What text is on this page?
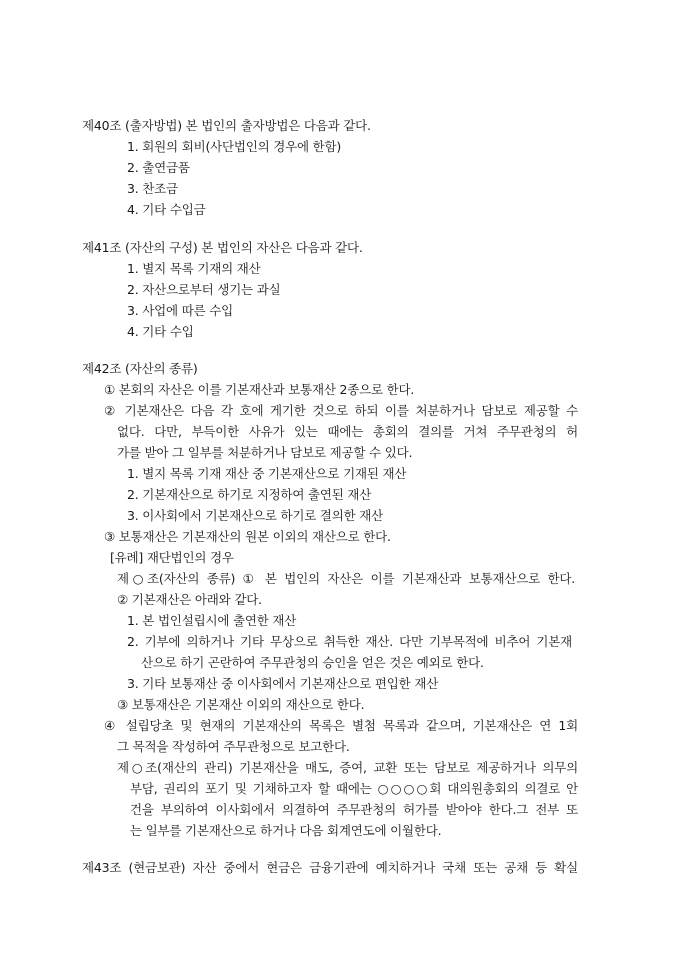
제40조 (출자방법) 본 법인의 출자방법은 다음과 같다.
1. 회원의 회비(사단법인의 경우에 한함)
2. 출연금품
3. 찬조금
4. 기타 수입금
제41조 (자산의 구성) 본 법인의 자산은 다음과 같다.
1. 별지 목록 기재의 재산
2. 자산으로부터 생기는 과실
3. 사업에 따른 수입
4. 기타 수입
제42조 (자산의 종류)
① 본회의 자산은 이를 기본재산과 보통재산 2종으로 한다.
② 기본재산은 다음 각 호에 게기한 것으로 하되 이를 처분하거나 담보로 제공할 수
없다. 다만, 부득이한 사유가 있는 때에는 총회의 결의를 거쳐 주무관청의 허
가를 받아 그 일부를 처분하거나 담보로 제공할 수 있다.
1. 별지 목록 기재 재산 중 기본재산으로 기재된 재산
2. 기본재산으로 하기로 지정하여 출연된 재산
3. 이사회에서 기본재산으로 하기로 결의한 재산
③ 보통재산은 기본재산의 원본 이외의 재산으로 한다.
[유례] 재단법인의 경우
제○조(자산의 종류) ① 본 법인의 자산은 이를 기본재산과 보통재산으로 한다.
② 기본재산은 아래와 같다.
1. 본 법인설립시에 출연한 재산
2. 기부에 의하거나 기타 무상으로 취득한 재산. 다만 기부목적에 비추어 기본재
산으로 하기 곤란하여 주무관청의 승인을 얻은 것은 예외로 한다.
3. 기타 보통재산 중 이사회에서 기본재산으로 편입한 재산
③ 보통재산은 기본재산 이외의 재산으로 한다.
④ 설립당초 및 현재의 기본재산의 목록은 별첨 목록과 같으며, 기본재산은 연 1회
그 목적을 작성하여 주무관청으로 보고한다.
제○조(재산의 관리) 기본재산을 매도, 증여, 교환 또는 담보로 제공하거나 의무의
부담, 권리의 포기 및 기채하고자 할 때에는 ○○○○회 대의원총회의 의결로 안
건을 부의하여 이사회에서 의결하여 주무관청의 허가를 받아야 한다.그 전부 또
는 일부를 기본재산으로 하거나 다음 회계연도에 이월한다.
제43조 (현금보관) 자산 중에서 현금은 금융기관에 예치하거나 국채 또는 공채 등 확실
